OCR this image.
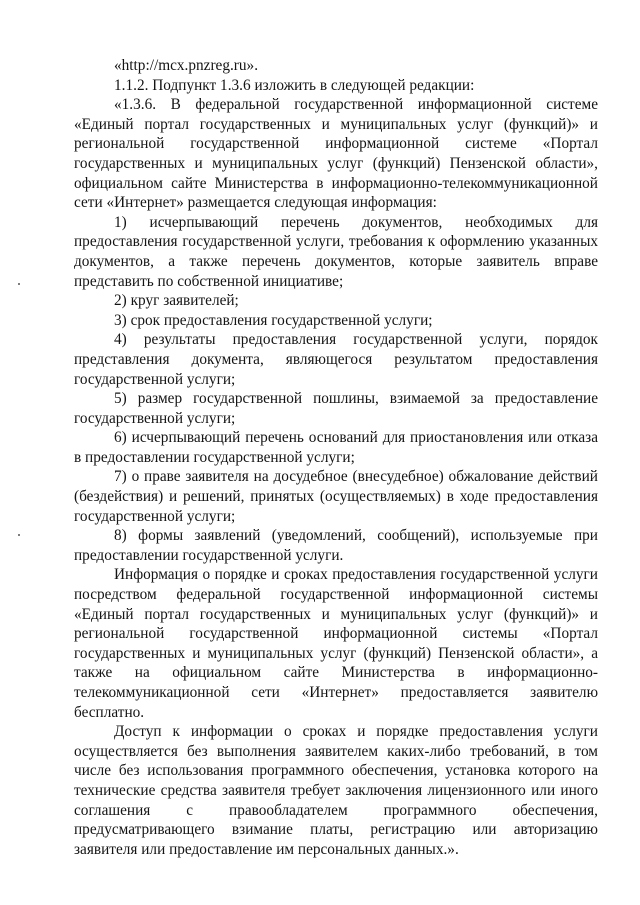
«http://mcx.pnzreg.ru».
1.1.2. Подпункт 1.3.6 изложить в следующей редакции:
«1.3.6. В федеральной государственной информационной системе
«Единый портал государственных и муниципальных услуг (функций)» и
региональной государственной информационной системе «Портал
государственных и муниципальных услуг (функций) Пензенской области»,
официальном сайте Министерства в информационно-телекоммуникационной
сети «Интернет» размещается следующая информация:
1) исчерпывающий перечень документов, необходимых для
предоставления государственной услуги, требования к оформлению указанных
документов, а также перечень документов, которые заявитель вправе
представить по собственной инициативе;
2) круг заявителей;
3) срок предоставления государственной услуги;
4) результаты предоставления государственной услуги, порядок
представления документа, являющегося результатом предоставления
государственной услуги;
5) размер государственной пошлины, взимаемой за предоставление
государственной услуги;
6) исчерпывающий перечень оснований для приостановления или отказа
в предоставлении государственной услуги;
7) о праве заявителя на досудебное (внесудебное) обжалование действий
(бездействия) и решений, принятых (осуществляемых) в ходе предоставления
государственной услуги;
8) формы заявлений (уведомлений, сообщений), используемые при
предоставлении государственной услуги.
Информация о порядке и сроках предоставления государственной услуги
посредством федеральной государственной информационной системы
«Единый портал государственных и муниципальных услуг (функций)» и
региональной государственной информационной системы «Портал
государственных и муниципальных услуг (функций) Пензенской области», а
также на официальном сайте Министерства в информационно-
телекоммуникационной сети «Интернет» предоставляется заявителю
бесплатно.
Доступ к информации о сроках и порядке предоставления услуги
осуществляется без выполнения заявителем каких-либо требований, в том
числе без использования программного обеспечения, установка которого на
технические средства заявителя требует заключения лицензионного или иного
соглашения с правообладателем программного обеспечения,
предусматривающего взимание платы, регистрацию или авторизацию
заявителя или предоставление им персональных данных.».
